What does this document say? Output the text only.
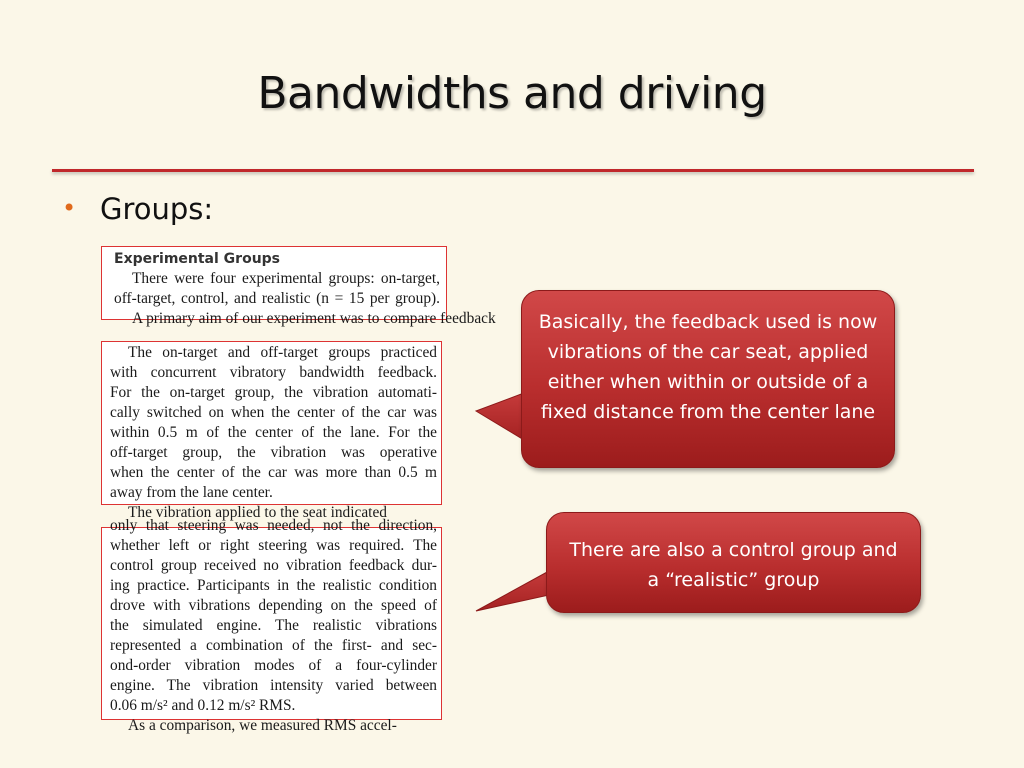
Bandwidths and driving
• Groups:
Experimental Groups
There were four experimental groups: on-target,
off-target, control, and realistic (n = 15 per group).
A primary aim of our experiment was to compare feedback
The on-target and off-target groups practiced
with concurrent vibratory bandwidth feedback.
For the on-target group, the vibration automati-
cally switched on when the center of the car was
within 0.5 m of the center of the lane. For the
off-target group, the vibration was operative
when the center of the car was more than 0.5 m
away from the lane center.
The vibration applied to the seat indicated
only that steering was needed, not the direction,
whether left or right steering was required. The
control group received no vibration feedback dur-
ing practice. Participants in the realistic condition
drove with vibrations depending on the speed of
the simulated engine. The realistic vibrations
represented a combination of the first- and sec-
ond-order vibration modes of a four-cylinder
engine. The vibration intensity varied between
0.06 m/s² and 0.12 m/s² RMS.
As a comparison, we measured RMS accel-
Basically, the feedback used is now vibrations of the car seat, applied either when within or outside of a fixed distance from the center lane
There are also a control group and a “realistic” group
